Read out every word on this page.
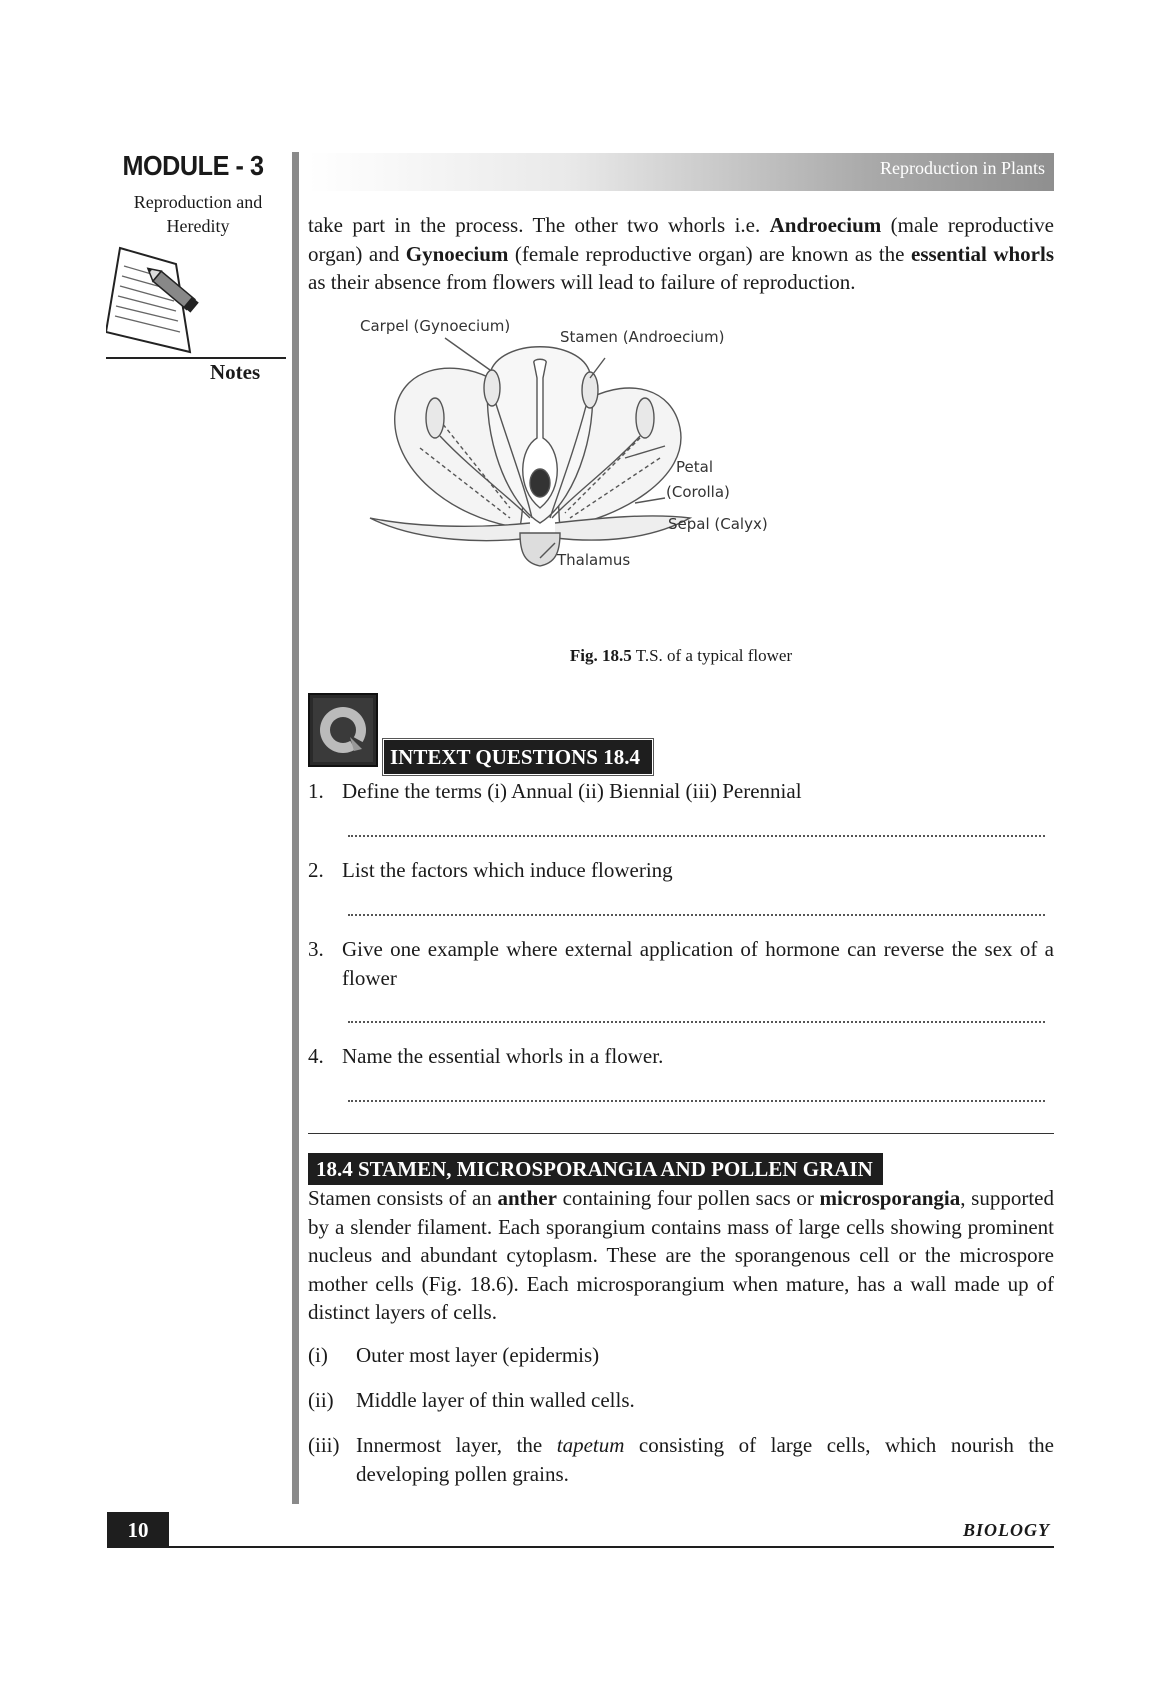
MODULE - 3
Reproduction and
Heredity
Notes
Reproduction in Plants
take part in the process. The other two whorls i.e. Androecium (male reproductive organ) and Gynoecium (female reproductive organ) are known as the essential whorls as their absence from flowers will lead to failure of reproduction.
Carpel (Gynoecium)
Stamen (Androecium)
Petal
(Corolla)
Sepal (Calyx)
Thalamus
Fig. 18.5 T.S. of a typical flower
INTEXT QUESTIONS 18.4
1. Define the terms (i) Annual (ii) Biennial (iii) Perennial
2. List the factors which induce flowering
3. Give one example where external application of hormone can reverse the sex of a flower
4. Name the essential whorls in a flower.
18.4 STAMEN, MICROSPORANGIA AND POLLEN GRAIN
Stamen consists of an anther containing four pollen sacs or microsporangia, supported by a slender filament. Each sporangium contains mass of large cells showing prominent nucleus and abundant cytoplasm. These are the sporangenous cell or the microspore mother cells (Fig. 18.6). Each microsporangium when mature, has a wall made up of distinct layers of cells.
(i) Outer most layer (epidermis)
(ii) Middle layer of thin walled cells.
(iii) Innermost layer, the tapetum consisting of large cells, which nourish the developing pollen grains.
10	BIOLOGY
